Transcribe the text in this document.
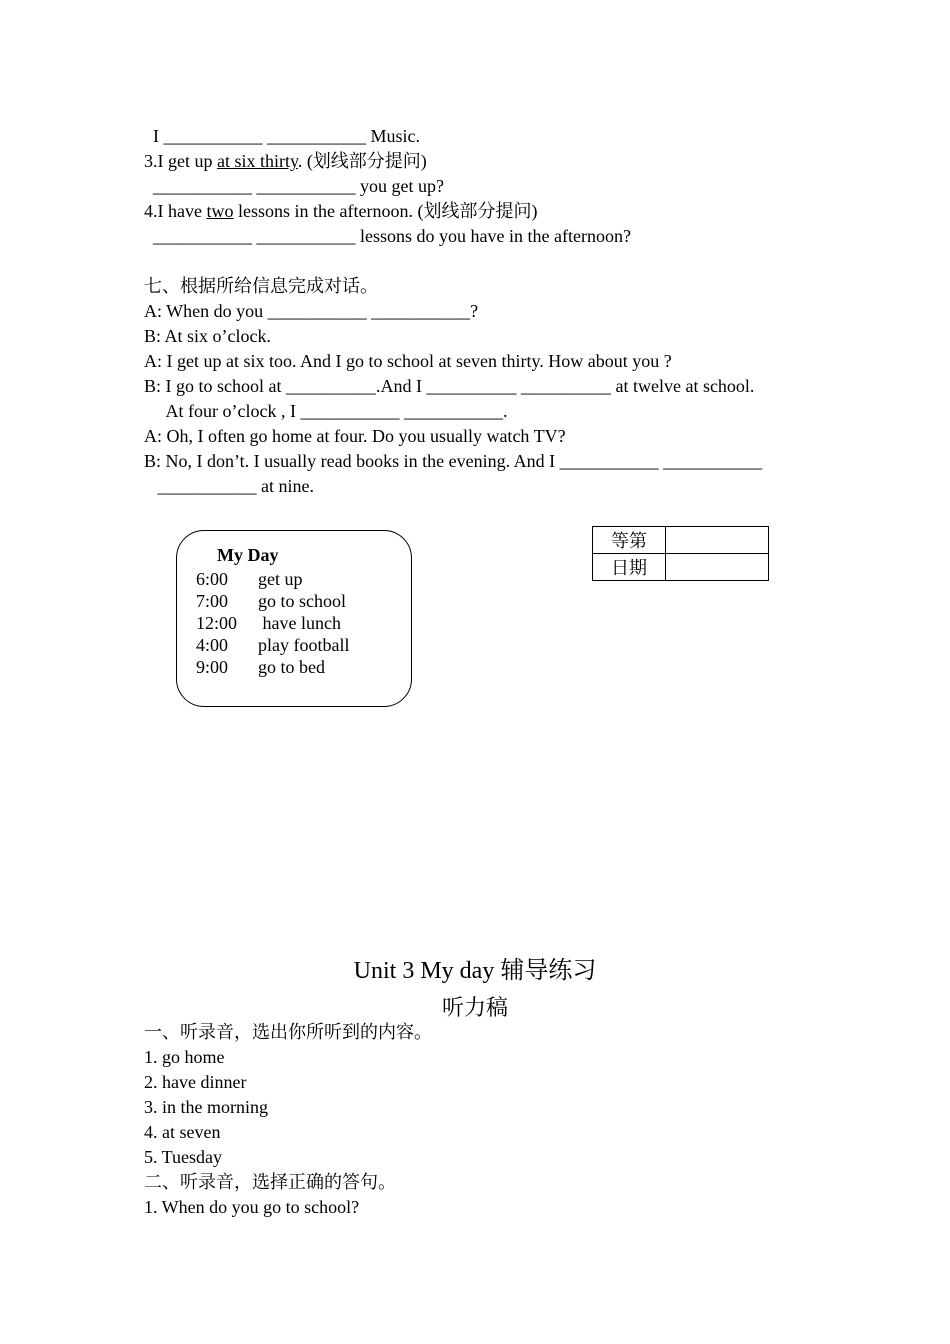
I ___________ ___________ Music.
3.I get up at six thirty. (划线部分提问)
___________ ___________ you get up?
4.I have two lessons in the afternoon. (划线部分提问)
___________ ___________ lessons do you have in the afternoon?
七、根据所给信息完成对话。
A: When do you ___________ ___________?
B: At six o’clock.
A: I get up at six too. And I go to school at seven thirty. How about you ?
B: I go to school at __________.And I __________ __________ at twelve at school.
At four o’clock , I ___________ ___________.
A: Oh, I often go home at four. Do you usually watch TV?
B: No, I don’t. I usually read books in the evening. And I ___________ ___________
___________ at nine.
My Day
6:00 get up
7:00 go to school
12:00 have lunch
4:00 play football
9:00 go to bed
等第	
日期	
Unit 3 My day 辅导练习
听力稿
一、听录音，选出你所听到的内容。
1. go home
2. have dinner
3. in the morning
4. at seven
5. Tuesday
二、听录音，选择正确的答句。
1. When do you go to school?
